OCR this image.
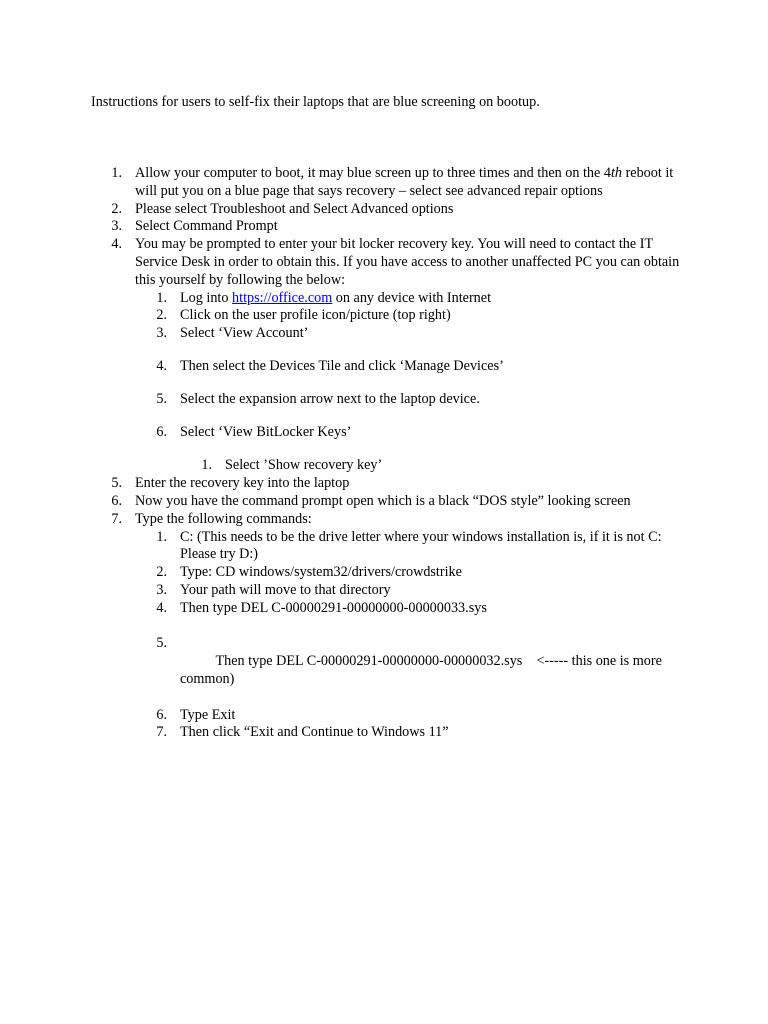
Instructions for users to self-fix their laptops that are blue screening on bootup.

1. Allow your computer to boot, it may blue screen up to three times and then on the 4th reboot it will put you on a blue page that says recovery – select see advanced repair options
2. Please select Troubleshoot and Select Advanced options
3. Select Command Prompt
4. You may be prompted to enter your bit locker recovery key. You will need to contact the IT Service Desk in order to obtain this. If you have access to another unaffected PC you can obtain this yourself by following the below:
1. Log into https://office.com on any device with Internet
2. Click on the user profile icon/picture (top right)
3. Select ‘View Account’
4. Then select the Devices Tile and click ‘Manage Devices’
5. Select the expansion arrow next to the laptop device.
6. Select ‘View BitLocker Keys’
1. Select ’Show recovery key’
5. Enter the recovery key into the laptop
6. Now you have the command prompt open which is a black “DOS style” looking screen
7. Type the following commands:
1. C: (This needs to be the drive letter where your windows installation is, if it is not C: Please try D:)
2. Type: CD windows/system32/drivers/crowdstrike
3. Your path will move to that directory
4. Then type DEL C-00000291-00000000-00000033.sys

5.

Then type DEL C-00000291-00000000-00000032.sys    <----- this one is more common)

6. Type Exit
7. Then click “Exit and Continue to Windows 11”
